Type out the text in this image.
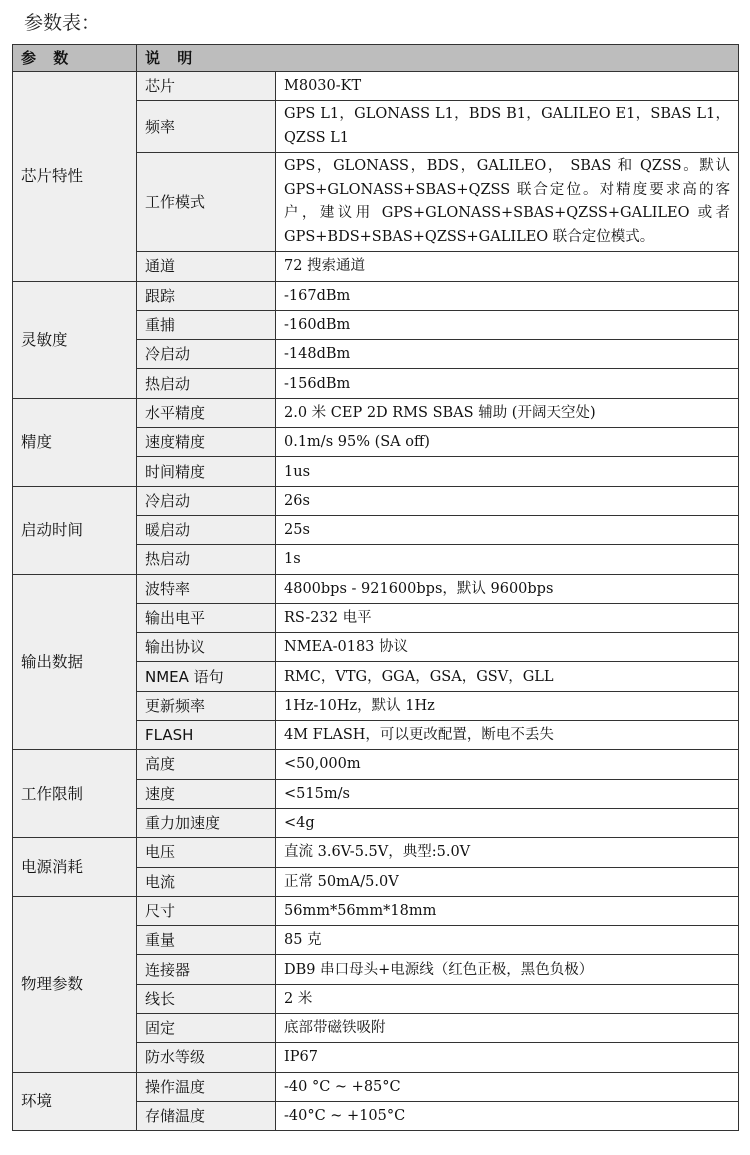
参数表：
参 数	说 明	
芯片特性	芯片	M8030-KT
	频率	GPS L1，GLONASS L1，BDS B1，GALILEO E1，SBAS L1，QZSS L1
	工作模式	GPS，GLONASS，BDS，GALILEO， SBAS 和 QZSS。默认 GPS+GLONASS+SBAS+QZSS 联合定位。对精度要求高的客户，建议用 GPS+GLONASS+SBAS+QZSS+GALILEO 或者 GPS+BDS+SBAS+QZSS+GALILEO 联合定位模式。
	通道	72 搜索通道
灵敏度	跟踪	-167dBm
	重捕	-160dBm
	冷启动	-148dBm
	热启动	-156dBm
精度	水平精度	2.0 米 CEP 2D RMS SBAS 辅助 (开阔天空处)
	速度精度	0.1m/s 95% (SA off)
	时间精度	1us
启动时间	冷启动	26s
	暖启动	25s
	热启动	1s
输出数据	波特率	4800bps - 921600bps，默认 9600bps
	输出电平	RS-232 电平
	输出协议	NMEA-0183 协议
	NMEA 语句	RMC，VTG，GGA，GSA，GSV，GLL
	更新频率	1Hz-10Hz，默认 1Hz
	FLASH	4M FLASH，可以更改配置，断电不丢失
工作限制	高度	<50,000m
	速度	<515m/s
	重力加速度	<4g
电源消耗	电压	直流 3.6V-5.5V，典型:5.0V
	电流	正常 50mA/5.0V
物理参数	尺寸	56mm*56mm*18mm
	重量	85 克
	连接器	DB9 串口母头+电源线（红色正极，黑色负极）
	线长	2 米
	固定	底部带磁铁吸附
	防水等级	IP67
环境	操作温度	-40 °C ~ +85°C
	存储温度	-40°C ~ +105°C
